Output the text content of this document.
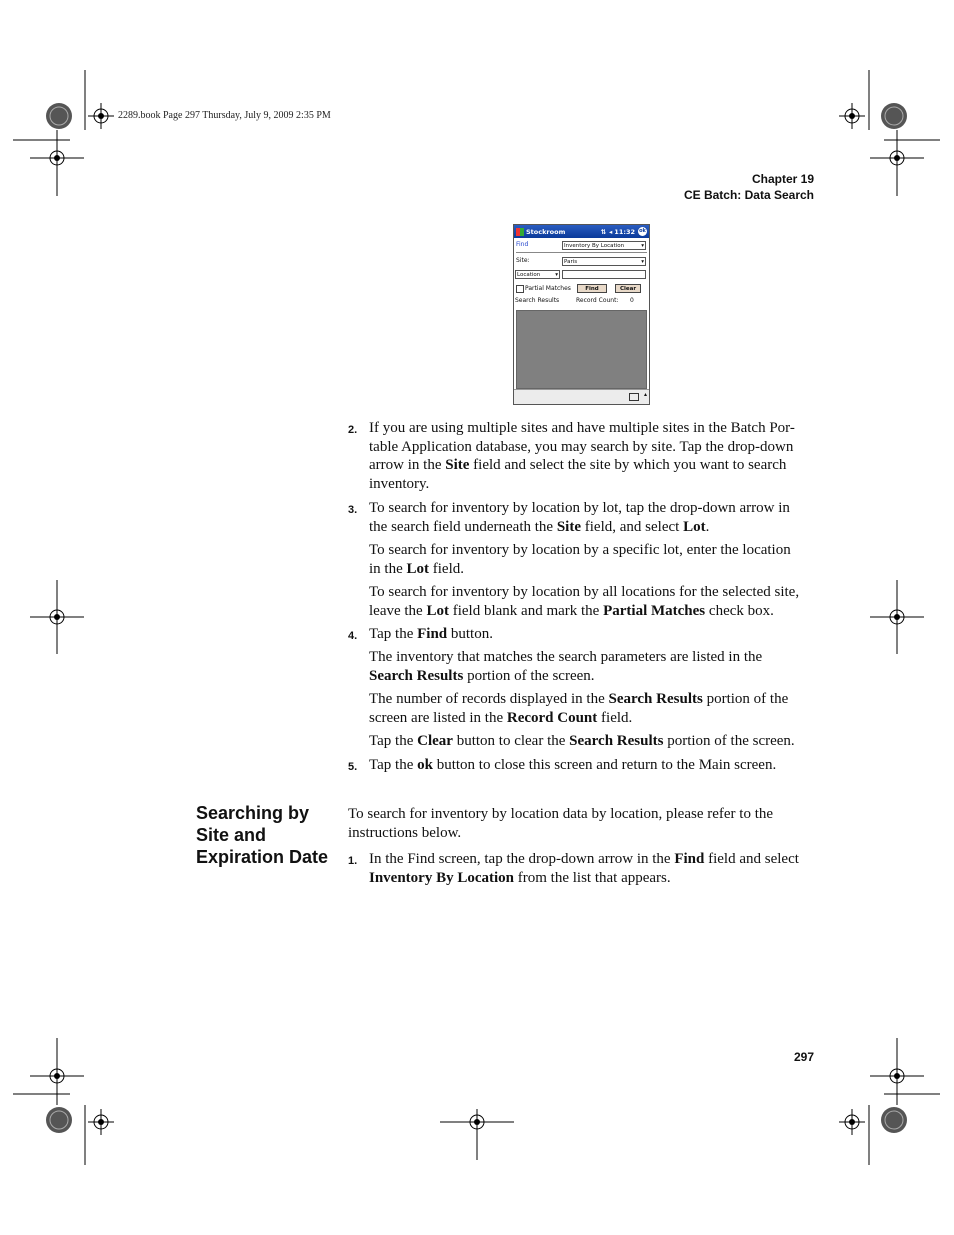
2289.book Page 297 Thursday, July 9, 2009 2:35 PM
Chapter 19
CE Batch: Data Search
Stockroom	⇅ ◂ 11:32 ok
Find	Inventory By Location	▾
Site:	Paris	▾
Location	▾
Partial Matches	Find	Clear
Search Results	Record Count: 0
▴
2. If you are using multiple sites and have multiple sites in the Batch Por-
table Application database, you may search by site. Tap the drop-down
arrow in the Site field and select the site by which you want to search
inventory.
3. To search for inventory by location by lot, tap the drop-down arrow in
the search field underneath the Site field, and select Lot.
To search for inventory by location by a specific lot, enter the location
in the Lot field.
To search for inventory by location by all locations for the selected site,
leave the Lot field blank and mark the Partial Matches check box.
4. Tap the Find button.
The inventory that matches the search parameters are listed in the
Search Results portion of the screen.
The number of records displayed in the Search Results portion of the
screen are listed in the Record Count field.
Tap the Clear button to clear the Search Results portion of the screen.
5. Tap the ok button to close this screen and return to the Main screen.
Searching by Site and Expiration Date
To search for inventory by location data by location, please refer to the
instructions below.
1. In the Find screen, tap the drop-down arrow in the Find field and select
Inventory By Location from the list that appears.
297
